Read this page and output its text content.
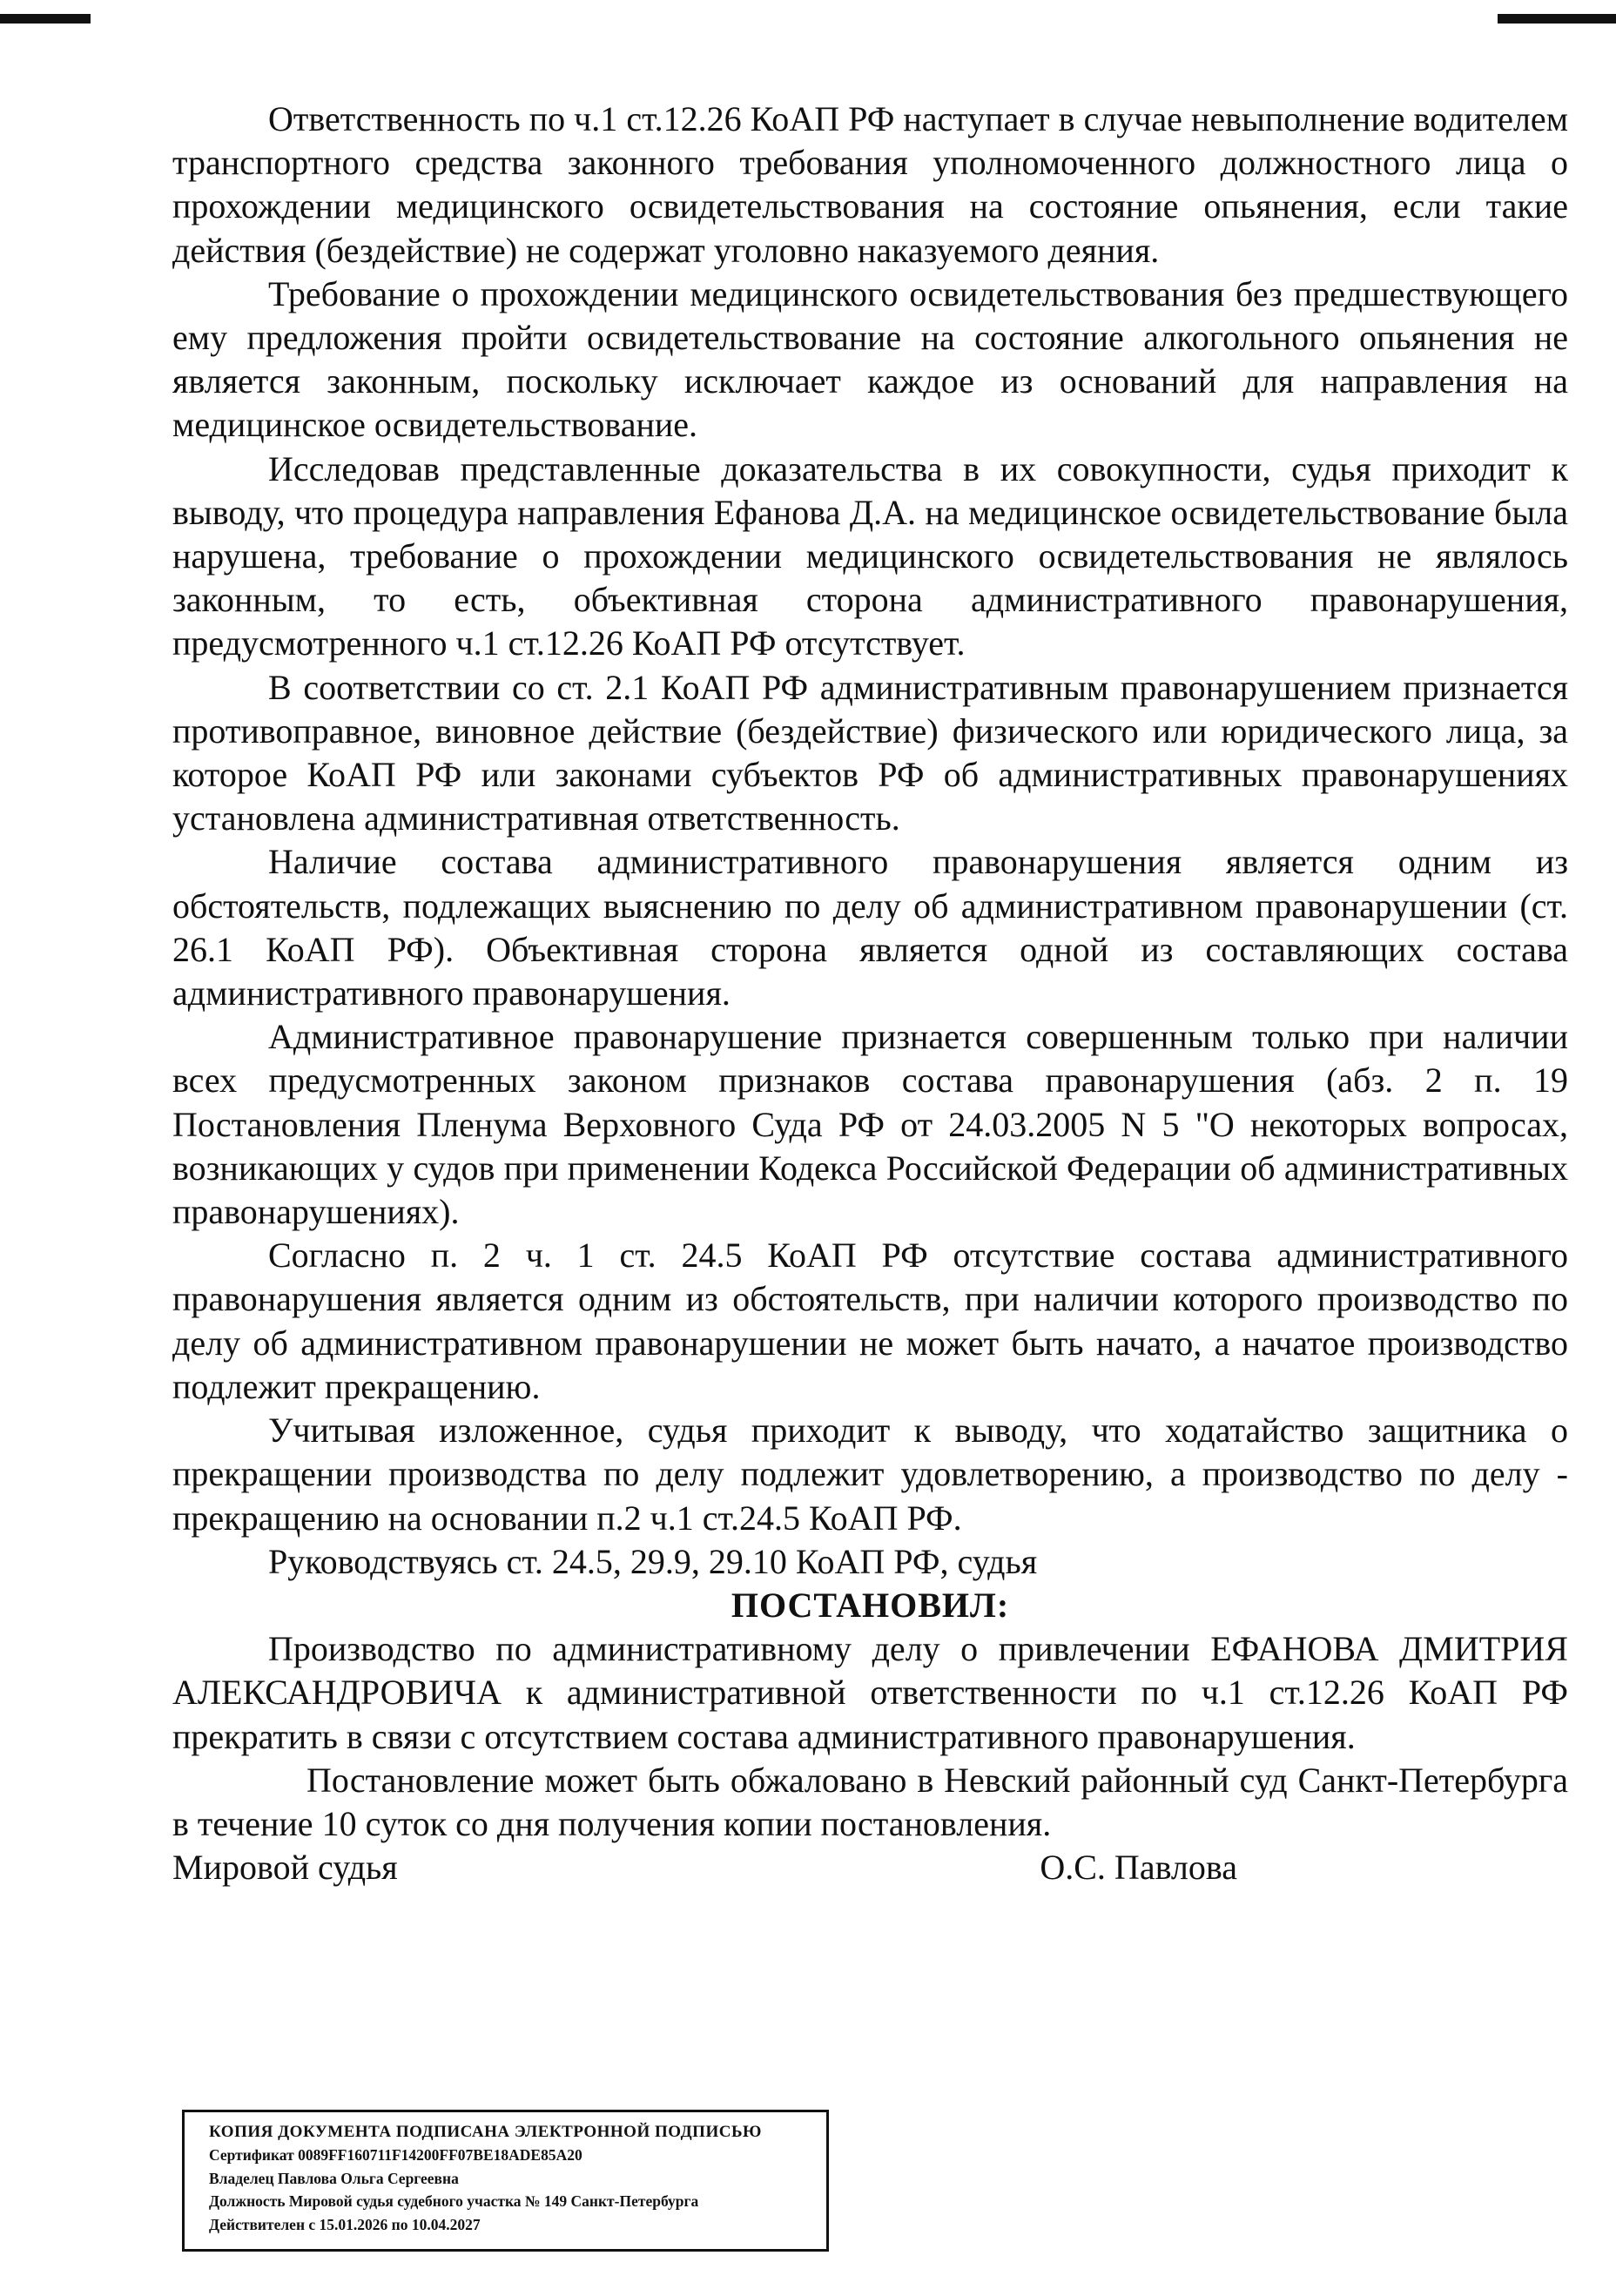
Ответственность по ч.1 ст.12.26 КоАП РФ наступает в случае невыполнение водителем транспортного средства законного требования уполномоченного должностного лица о прохождении медицинского освидетельствования на состояние опьянения, если такие действия (бездействие) не содержат уголовно наказуемого деяния.

Требование о прохождении медицинского освидетельствования без предшествующего ему предложения пройти освидетельствование на состояние алкогольного опьянения не является законным, поскольку исключает каждое из оснований для направления на медицинское освидетельствование.

Исследовав представленные доказательства в их совокупности, судья приходит к выводу, что процедура направления Ефанова Д.А. на медицинское освидетельствование была нарушена, требование о прохождении медицинского освидетельствования не являлось законным, то есть, объективная сторона административного правонарушения, предусмотренного ч.1 ст.12.26 КоАП РФ отсутствует.

В соответствии со ст. 2.1 КоАП РФ административным правонарушением признается противоправное, виновное действие (бездействие) физического или юридического лица, за которое КоАП РФ или законами субъектов РФ об административных правонарушениях установлена административная ответственность.

Наличие состава административного правонарушения является одним из обстоятельств, подлежащих выяснению по делу об административном правонарушении (ст. 26.1 КоАП РФ). Объективная сторона является одной из составляющих состава административного правонарушения.

Административное правонарушение признается совершенным только при наличии всех предусмотренных законом признаков состава правонарушения (абз. 2 п. 19 Постановления Пленума Верховного Суда РФ от 24.03.2005 N 5 "О некоторых вопросах, возникающих у судов при применении Кодекса Российской Федерации об административных правонарушениях).

Согласно п. 2 ч. 1 ст. 24.5 КоАП РФ отсутствие состава административного правонарушения является одним из обстоятельств, при наличии которого производство по делу об административном правонарушении не может быть начато, а начатое производство подлежит прекращению.

Учитывая изложенное, судья приходит к выводу, что ходатайство защитника о прекращении производства по делу подлежит удовлетворению, а производство по делу - прекращению на основании п.2 ч.1 ст.24.5 КоАП РФ.

Руководствуясь ст. 24.5, 29.9, 29.10 КоАП РФ, судья

ПОСТАНОВИЛ:

Производство по административному делу о привлечении ЕФАНОВА ДМИТРИЯ АЛЕКСАНДРОВИЧА к административной ответственности по ч.1 ст.12.26 КоАП РФ прекратить в связи с отсутствием состава административного правонарушения.

Постановление может быть обжаловано в Невский районный суд Санкт-Петербурга в течение 10 суток со дня получения копии постановления.

Мировой судья	О.С. Павлова
КОПИЯ ДОКУМЕНТА ПОДПИСАНА ЭЛЕКТРОННОЙ ПОДПИСЬЮ
Сертификат 0089FF160711F14200FF07BE18ADE85A20
Владелец Павлова Ольга Сергеевна
Должность Мировой судья судебного участка № 149 Санкт-Петербурга
Действителен с 15.01.2026 по 10.04.2027
